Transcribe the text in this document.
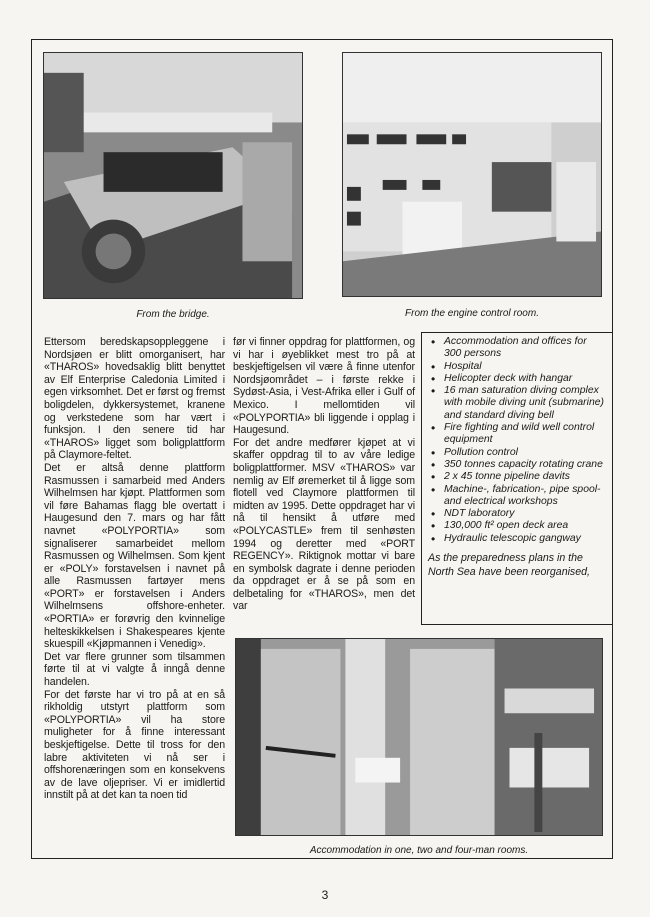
From the bridge.	From the engine control room.

Ettersom beredskapsoppleggene i Nordsjøen er blitt omorganisert, har «THAROS» hovedsaklig blitt benyttet av Elf Enterprise Caledonia Limited i egen virksomhet. Det er først og fremst boligdelen, dykkersystemet, kranene og verkstedene som har vært i funksjon. I den senere tid har «THAROS» ligget som boligplattform på Claymore-feltet.

Det er altså denne plattform Rasmussen i samarbeid med Anders Wilhelmsen har kjøpt. Plattformen som vil føre Bahamas flagg ble overtatt i Haugesund den 7. mars og har fått navnet «POLYPORTIA» som signaliserer samarbeidet mellom Rasmussen og Wilhelmsen. Som kjent er «POLY» forstavelsen i navnet på alle Rasmussen fartøyer mens «PORT» er forstavelsen i Anders Wilhelmsens offshore-enheter. «PORTIA» er forøvrig den kvinnelige helteskikkelsen i Shakespeares kjente skuespill «Kjøpmannen i Venedig».

Det var flere grunner som tilsammen førte til at vi valgte å inngå denne handelen.

For det første har vi tro på at en så rikholdig utstyrt plattform som «POLYPORTIA» vil ha store muligheter for å finne interessant beskjeftigelse. Dette til tross for den labre aktiviteten vi nå ser i offshorenæringen som en konsekvens av de lave oljepriser. Vi er imidlertid innstilt på at det kan ta noen tid

før vi finner oppdrag for plattformen, og vi har i øyeblikket mest tro på at beskjeftigelsen vil være å finne utenfor Nordsjøområdet – i første rekke i Sydøst-Asia, i Vest-Afrika eller i Gulf of Mexico. I mellomtiden vil «POLYPORTIA» bli liggende i opplag i Haugesund.

For det andre medfører kjøpet at vi skaffer oppdrag til to av våre ledige boligplattformer. MSV «THAROS» var nemlig av Elf øremerket til å ligge som flotell ved Claymore plattformen til midten av 1995. Dette oppdraget har vi nå til hensikt å utføre med «POLYCASTLE» frem til senhøsten 1994 og deretter med «PORT REGENCY». Riktignok mottar vi bare en symbolsk dagrate i denne perioden da oppdraget er å se på som en delbetaling for «THAROS», men det var

• Accommodation and offices for 300 persons
• Hospital
• Helicopter deck with hangar
• 16 man saturation diving complex with mobile diving unit (submarine) and standard diving bell
• Fire fighting and wild well control equipment
• Pollution control
• 350 tonnes capacity rotating crane
• 2 x 45 tonne pipeline davits
• Machine-, fabrication-, pipe spool- and electrical workshops
• NDT laboratory
• 130,000 ft² open deck area
• Hydraulic telescopic gangway
As the preparedness plans in the North Sea have been reorganised,
Accommodation in one, two and four-man rooms.
3
